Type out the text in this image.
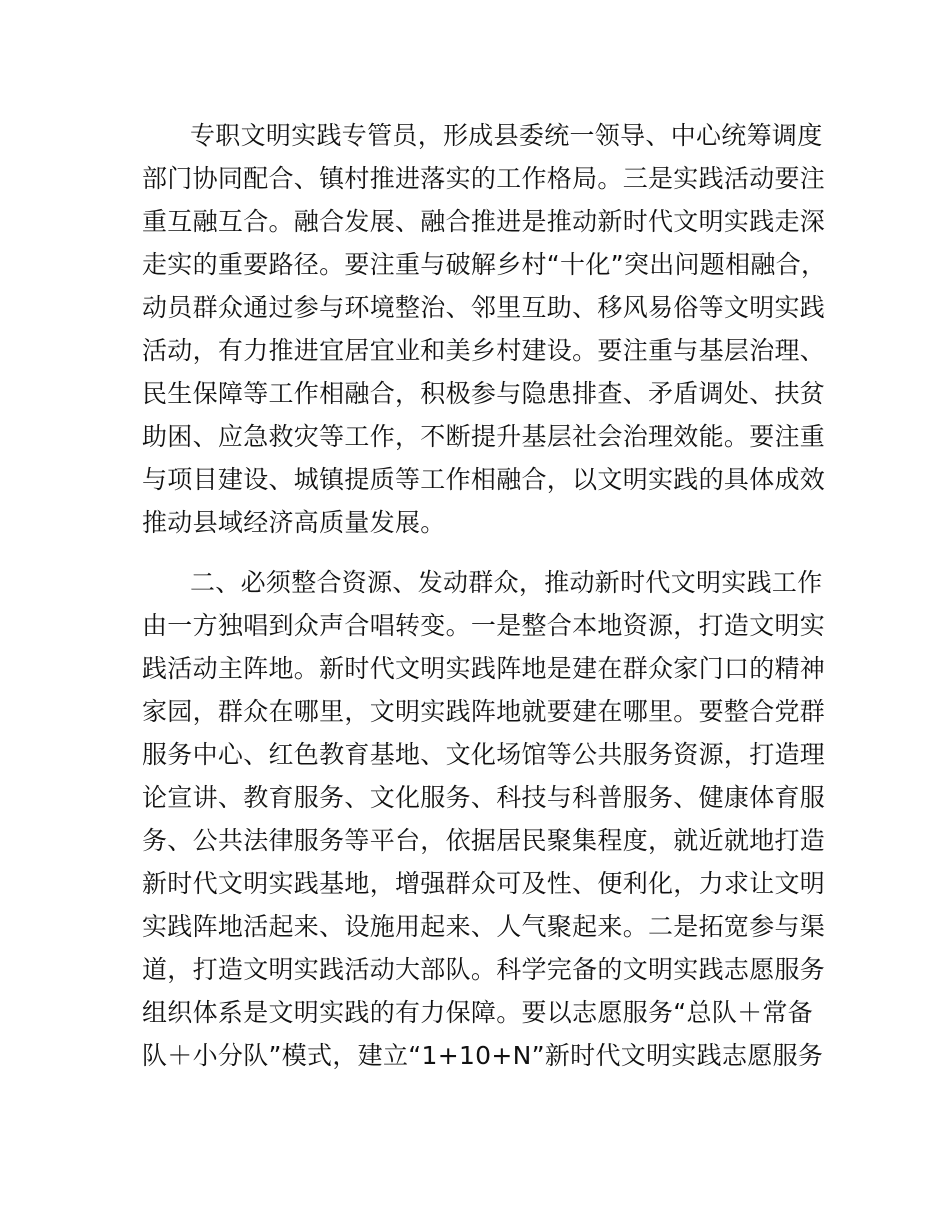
专职文明实践专管员，形成县委统一领导、中心统筹调度
部门协同配合、镇村推进落实的工作格局。三是实践活动要注
重互融互合。融合发展、融合推进是推动新时代文明实践走深
走实的重要路径。要注重与破解乡村“十化”突出问题相融合，
动员群众通过参与环境整治、邻里互助、移风易俗等文明实践
活动，有力推进宜居宜业和美乡村建设。要注重与基层治理、
民生保障等工作相融合，积极参与隐患排查、矛盾调处、扶贫
助困、应急救灾等工作，不断提升基层社会治理效能。要注重
与项目建设、城镇提质等工作相融合，以文明实践的具体成效
推动县域经济高质量发展。
二、必须整合资源、发动群众，推动新时代文明实践工作
由一方独唱到众声合唱转变。一是整合本地资源，打造文明实
践活动主阵地。新时代文明实践阵地是建在群众家门口的精神
家园，群众在哪里，文明实践阵地就要建在哪里。要整合党群
服务中心、红色教育基地、文化场馆等公共服务资源，打造理
论宣讲、教育服务、文化服务、科技与科普服务、健康体育服
务、公共法律服务等平台，依据居民聚集程度，就近就地打造
新时代文明实践基地，增强群众可及性、便利化，力求让文明
实践阵地活起来、设施用起来、人气聚起来。二是拓宽参与渠
道，打造文明实践活动大部队。科学完备的文明实践志愿服务
组织体系是文明实践的有力保障。要以志愿服务“总队＋常备
队＋小分队”模式，建立“1+10+N”新时代文明实践志愿服务
